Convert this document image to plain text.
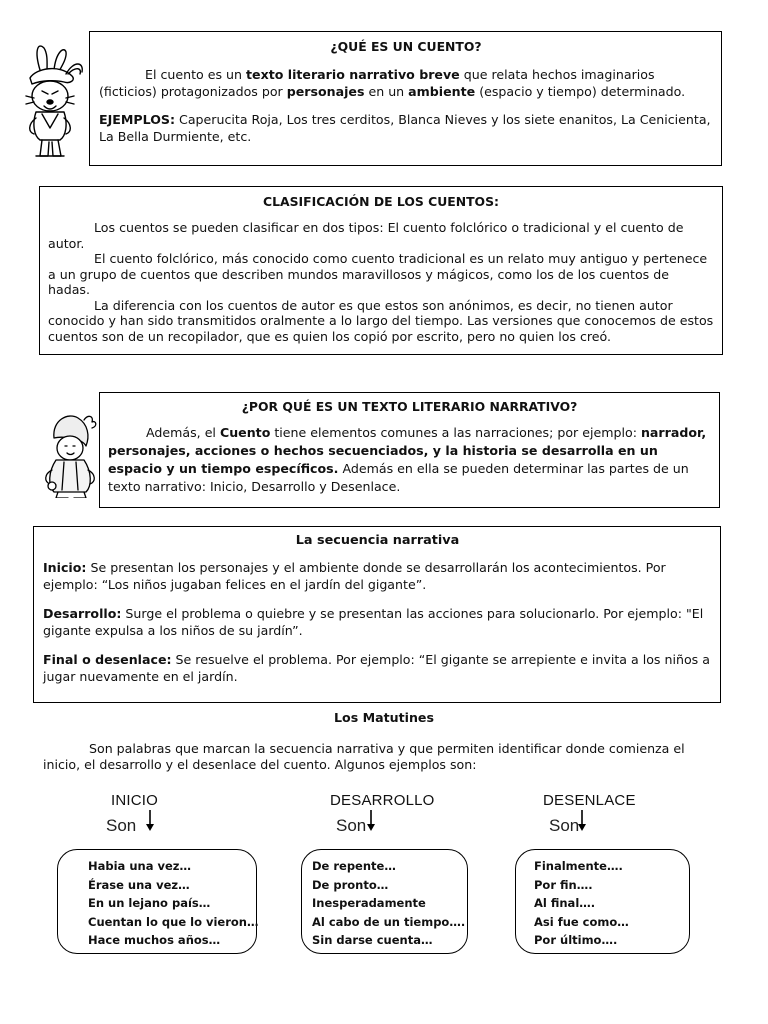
¿QUÉ ES UN CUENTO?

El cuento es un texto literario narrativo breve que relata hechos imaginarios (ficticios) protagonizados por personajes en un ambiente (espacio y tiempo) determinado.

EJEMPLOS: Caperucita Roja, Los tres cerditos, Blanca Nieves y los siete enanitos, La Cenicienta, La Bella Durmiente, etc.

CLASIFICACIÓN DE LOS CUENTOS:

Los cuentos se pueden clasificar en dos tipos: El cuento folclórico o tradicional y el cuento de autor.

El cuento folclórico, más conocido como cuento tradicional es un relato muy antiguo y pertenece a un grupo de cuentos que describen mundos maravillosos y mágicos, como los de los cuentos de hadas.

La diferencia con los cuentos de autor es que estos son anónimos, es decir, no tienen autor conocido y han sido transmitidos oralmente a lo largo del tiempo. Las versiones que conocemos de estos cuentos son de un recopilador, que es quien los copió por escrito, pero no quien los creó.

¿POR QUÉ ES UN TEXTO LITERARIO NARRATIVO?

Además, el Cuento tiene elementos comunes a las narraciones; por ejemplo: narrador, personajes, acciones o hechos secuenciados, y la historia se desarrolla en un espacio y un tiempo específicos. Además en ella se pueden determinar las partes de un texto narrativo: Inicio, Desarrollo y Desenlace.

La secuencia narrativa

Inicio: Se presentan los personajes y el ambiente donde se desarrollarán los acontecimientos. Por ejemplo: “Los niños jugaban felices en el jardín del gigante”.

Desarrollo: Surge el problema o quiebre y se presentan las acciones para solucionarlo. Por ejemplo: "El gigante expulsa a los niños de su jardín”.

Final o desenlace: Se resuelve el problema. Por ejemplo: “El gigante se arrepiente e invita a los niños a jugar nuevamente en el jardín.

Los Matutines

Son palabras que marcan la secuencia narrativa y que permiten identificar donde comienza el inicio, el desarrollo y el desenlace del cuento. Algunos ejemplos son:

INICIO	DESARROLLO	DESENLACE
Son	Son	Son
Habia una vez…
Érase una vez…
En un lejano país…
Cuentan lo que lo vieron…
Hace muchos años…
De repente…
De pronto…
Inesperadamente
Al cabo de un tiempo….
Sin darse cuenta…
Finalmente….
Por fin….
Al final….
Asi fue como…
Por último….
